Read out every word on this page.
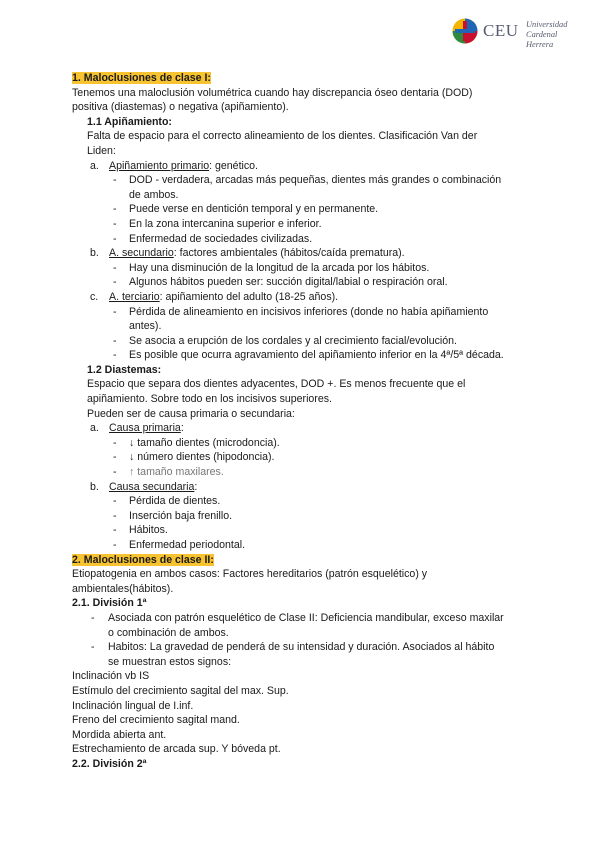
CEU Universidad
Cardenal Herrera
1. Maloclusiones de clase I:
Tenemos una maloclusión volumétrica cuando hay discrepancia óseo dentaria (DOD)
positiva (diastemas) o negativa (apiñamiento).
1.1 Apiñamiento:
Falta de espacio para el correcto alineamiento de los dientes. Clasificación Van der
Liden:
a. Apiñamiento primario: genético.
- DOD - verdadera, arcadas más pequeñas, dientes más grandes o combinación
de ambos.
- Puede verse en dentición temporal y en permanente.
- En la zona intercanina superior e inferior.
- Enfermedad de sociedades civilizadas.
b. A. secundario: factores ambientales (hábitos/caída prematura).
- Hay una disminución de la longitud de la arcada por los hábitos.
- Algunos hábitos pueden ser: succión digital/labial o respiración oral.
c. A. terciario: apiñamiento del adulto (18-25 años).
- Pérdida de alineamiento en incisivos inferiores (donde no había apiñamiento
antes).
- Se asocia a erupción de los cordales y al crecimiento facial/evolución.
- Es posible que ocurra agravamiento del apiñamiento inferior en la 4ª/5ª década.
1.2 Diastemas:
Espacio que separa dos dientes adyacentes, DOD +. Es menos frecuente que el
apiñamiento. Sobre todo en los incisivos superiores.
Pueden ser de causa primaria o secundaria:
a. Causa primaria:
- ↓ tamaño dientes (microdoncia).
- ↓ número dientes (hipodoncia).
- ↑ tamaño maxilares.
b. Causa secundaria:
- Pérdida de dientes.
- Inserción baja frenillo.
- Hábitos.
- Enfermedad periodontal.
2. Maloclusiones de clase II:
Etiopatogenia en ambos casos: Factores hereditarios (patrón esquelético) y
ambientales(hábitos).
2.1. División 1ª
- Asociada con patrón esquelético de Clase II: Deficiencia mandibular, exceso maxilar
o combinación de ambos.
- Habitos: La gravedad de penderá de su intensidad y duración. Asociados al hábito
se muestran estos signos:
Inclinación vb IS
Estímulo del crecimiento sagital del max. Sup.
Inclinación lingual de I.inf.
Freno del crecimiento sagital mand.
Mordida abierta ant.
Estrechamiento de arcada sup. Y bóveda pt.
2.2. División 2ª
